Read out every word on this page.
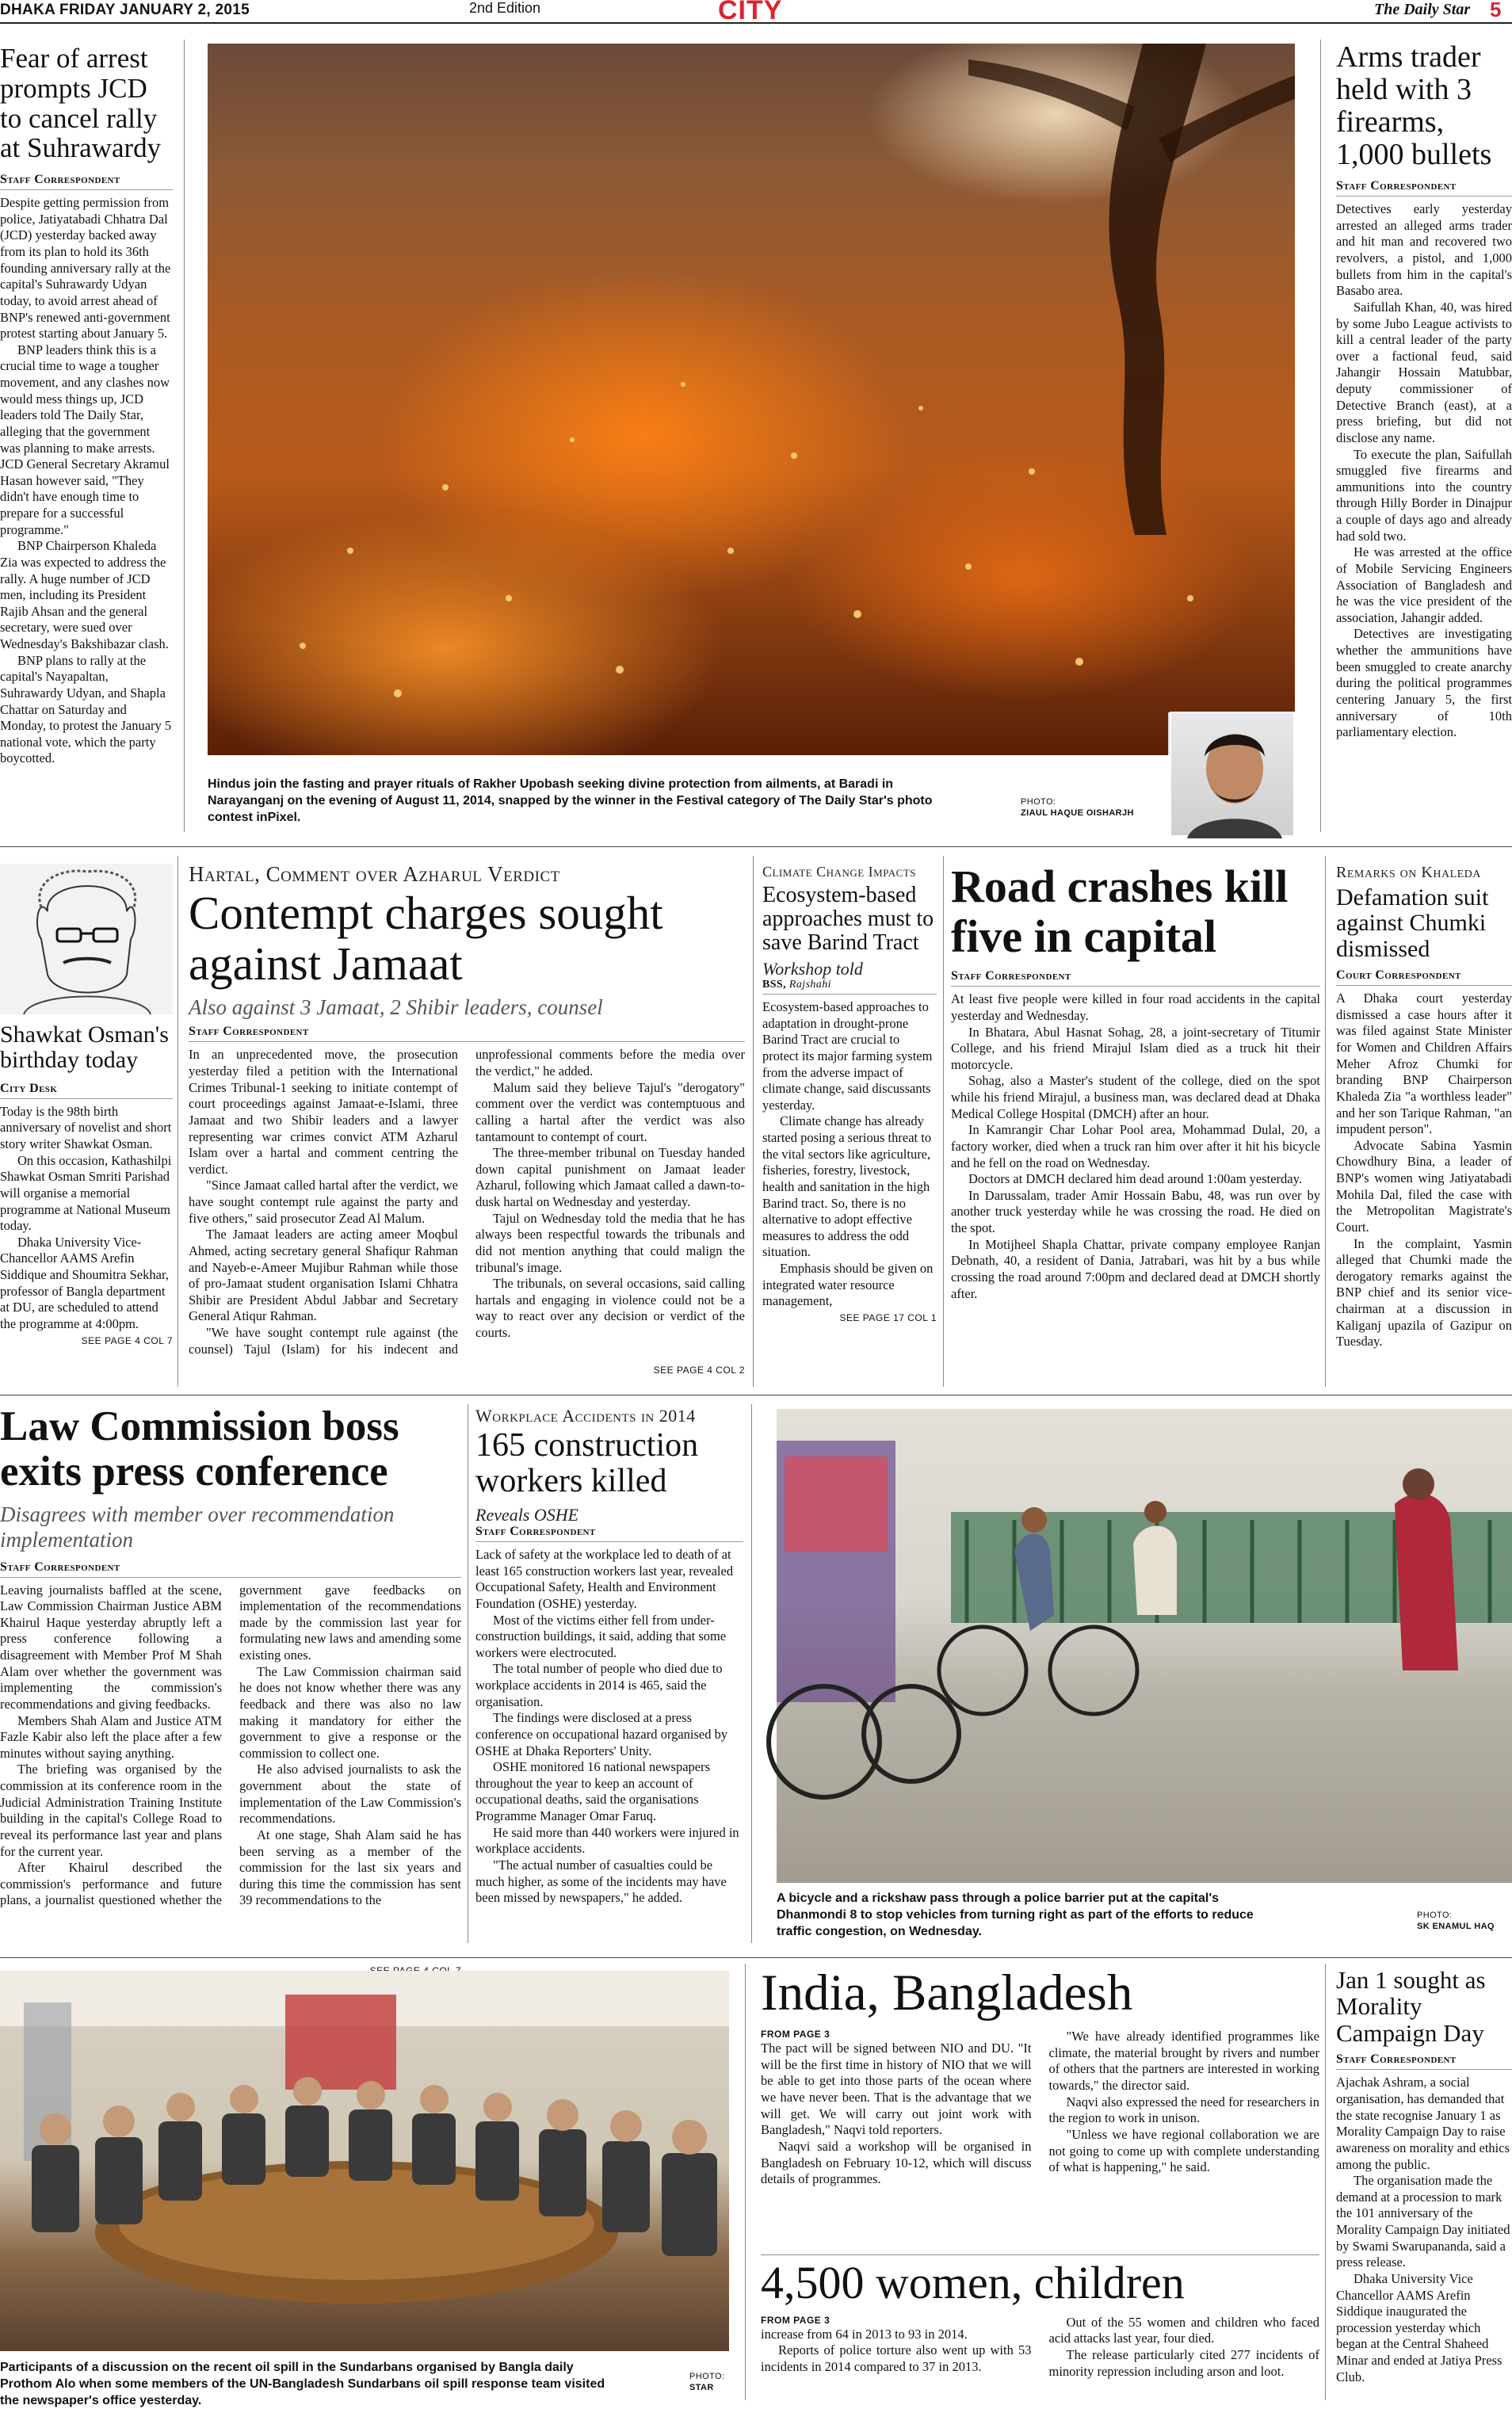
DHAKA FRIDAY JANUARY 2, 2015	2nd Edition	CITY	The Daily Star 5
Fear of arrest prompts JCD to cancel rally at Suhrawardy
Staff Correspondent

Despite getting permission from police, Jatiyatabadi Chhatra Dal (JCD) yesterday backed away from its plan to hold its 36th founding anniversary rally at the capital's Suhrawardy Udyan today, to avoid arrest ahead of BNP's renewed anti-government protest starting about January 5.

BNP leaders think this is a crucial time to wage a tougher movement, and any clashes now would mess things up, JCD leaders told The Daily Star, alleging that the government was planning to make arrests. JCD General Secretary Akramul Hasan however said, "They didn't have enough time to prepare for a successful programme."

BNP Chairperson Khaleda Zia was expected to address the rally. A huge number of JCD men, including its President Rajib Ahsan and the general secretary, were sued over Wednesday's Bakshibazar clash.

BNP plans to rally at the capital's Nayapaltan, Suhrawardy Udyan, and Shapla Chattar on Saturday and Monday, to protest the January 5 national vote, which the party boycotted.

Hindus join the fasting and prayer rituals of Rakher Upobash seeking divine protection from ailments, at Baradi in Narayanganj on the evening of August 11, 2014, snapped by the winner in the Festival category of The Daily Star's photo contest inPixel.
PHOTO:
ZIAUL HAQUE OISHARJH
Arms trader held with 3 firearms, 1,000 bullets
Staff Correspondent

Detectives early yesterday arrested an alleged arms trader and hit man and recovered two revolvers, a pistol, and 1,000 bullets from him in the capital's Basabo area.

Saifullah Khan, 40, was hired by some Jubo League activists to kill a central leader of the party over a factional feud, said Jahangir Hossain Matubbar, deputy commissioner of Detective Branch (east), at a press briefing, but did not disclose any name.

To execute the plan, Saifullah smuggled five firearms and ammunitions into the country through Hilly Border in Dinajpur a couple of days ago and already had sold two.

He was arrested at the office of Mobile Servicing Engineers Association of Bangladesh and he was the vice president of the association, Jahangir added.

Detectives are investigating whether the ammunitions have been smuggled to create anarchy during the political programmes centering January 5, the first anniversary of 10th parliamentary election.

Shawkat Osman's birthday today
City Desk

Today is the 98th birth anniversary of novelist and short story writer Shawkat Osman.

On this occasion, Kathashilpi Shawkat Osman Smriti Parishad will organise a memorial programme at National Museum today.

Dhaka University Vice-Chancellor AAMS Arefin Siddique and Shoumitra Sekhar, professor of Bangla department at DU, are scheduled to attend the programme at 4:00pm.

SEE PAGE 4 COL 7
Hartal, Comment over Azharul Verdict
Contempt charges sought against Jamaat
Also against 3 Jamaat, 2 Shibir leaders, counsel
Staff Correspondent

In an unprecedented move, the prosecution yesterday filed a petition with the International Crimes Tribunal-1 seeking to initiate contempt of court proceedings against Jamaat-e-Islami, three Jamaat and two Shibir leaders and a lawyer representing war crimes convict ATM Azharul Islam over a hartal and comment centring the verdict.

"Since Jamaat called hartal after the verdict, we have sought contempt rule against the party and five others," said prosecutor Zead Al Malum.

The Jamaat leaders are acting ameer Moqbul Ahmed, acting secretary general Shafiqur Rahman and Nayeb-e-Ameer Mujibur Rahman while those of pro-Jamaat student organisation Islami Chhatra Shibir are President Abdul Jabbar and Secretary General Atiqur Rahman.

"We have sought contempt rule against (the counsel) Tajul (Islam) for his indecent and unprofessional comments before the media over the verdict," he added.

Malum said they believe Tajul's "derogatory" comment over the verdict was contemptuous and calling a hartal after the verdict was also tantamount to contempt of court.

The three-member tribunal on Tuesday handed down capital punishment on Jamaat leader Azharul, following which Jamaat called a dawn-to-dusk hartal on Wednesday and yesterday.

Tajul on Wednesday told the media that he has always been respectful towards the tribunals and did not mention anything that could malign the tribunal's image.

The tribunals, on several occasions, said calling hartals and engaging in violence could not be a way to react over any decision or verdict of the courts.

SEE PAGE 4 COL 2
Climate Change Impacts
Ecosystem-based approaches must to save Barind Tract
Workshop told
BSS, Rajshahi

Ecosystem-based approaches to adaptation in drought-prone Barind Tract are crucial to protect its major farming system from the adverse impact of climate change, said discussants yesterday.

Climate change has already started posing a serious threat to the vital sectors like agriculture, fisheries, forestry, livestock, health and sanitation in the high Barind tract. So, there is no alternative to adopt effective measures to address the odd situation.

Emphasis should be given on integrated water resource management,

SEE PAGE 17 COL 1
Road crashes kill five in capital
Staff Correspondent

At least five people were killed in four road accidents in the capital yesterday and Wednesday.

In Bhatara, Abul Hasnat Sohag, 28, a joint-secretary of Titumir College, and his friend Mirajul Islam died as a truck hit their motorcycle.

Sohag, also a Master's student of the college, died on the spot while his friend Mirajul, a business man, was declared dead at Dhaka Medical College Hospital (DMCH) after an hour.

In Kamrangir Char Lohar Pool area, Mohammad Dulal, 20, a factory worker, died when a truck ran him over after it hit his bicycle and he fell on the road on Wednesday.

Doctors at DMCH declared him dead around 1:00am yesterday.

In Darussalam, trader Amir Hossain Babu, 48, was run over by another truck yesterday while he was crossing the road. He died on the spot.

In Motijheel Shapla Chattar, private company employee Ranjan Debnath, 40, a resident of Dania, Jatrabari, was hit by a bus while crossing the road around 7:00pm and declared dead at DMCH shortly after.

Remarks on Khaleda
Defamation suit against Chumki dismissed
Court Correspondent

A Dhaka court yesterday dismissed a case hours after it was filed against State Minister for Women and Children Affairs Meher Afroz Chumki for branding BNP Chairperson Khaleda Zia "a worthless leader" and her son Tarique Rahman, "an impudent person".

Advocate Sabina Yasmin Chowdhury Bina, a leader of BNP's women wing Jatiyatabadi Mohila Dal, filed the case with the Metropolitan Magistrate's Court.

In the complaint, Yasmin alleged that Chumki made the derogatory remarks against the BNP chief and its senior vice-chairman at a discussion in Kaliganj upazila of Gazipur on Tuesday.

Law Commission boss exits press conference
Disagrees with member over recommendation implementation
Staff Correspondent

Leaving journalists baffled at the scene, Law Commission Chairman Justice ABM Khairul Haque yesterday abruptly left a press conference following a disagreement with Member Prof M Shah Alam over whether the government was implementing the commission's recommendations and giving feedbacks.

Members Shah Alam and Justice ATM Fazle Kabir also left the place after a few minutes without saying anything.

The briefing was organised by the commission at its conference room in the Judicial Administration Training Institute building in the capital's College Road to reveal its performance last year and plans for the current year.

After Khairul described the commission's performance and future plans, a journalist questioned whether the government gave feedbacks on implementation of the recommendations made by the commission last year for formulating new laws and amending some existing ones.

The Law Commission chairman said he does not know whether there was any feedback and there was also no law making it mandatory for either the government to give a response or the commission to collect one.

He also advised journalists to ask the government about the state of implementation of the Law Commission's recommendations.

At one stage, Shah Alam said he has been serving as a member of the commission for the last six years and during this time the commission has sent 39 recommendations to the

Workplace Accidents in 2014
165 construction workers killed
Reveals OSHE
Staff Correspondent

Lack of safety at the workplace led to death of at least 165 construction workers last year, revealed Occupational Safety, Health and Environment Foundation (OSHE) yesterday.

Most of the victims either fell from under-construction buildings, it said, adding that some workers were electrocuted.

The total number of people who died due to workplace accidents in 2014 is 465, said the organisation.

The findings were disclosed at a press conference on occupational hazard organised by OSHE at Dhaka Reporters' Unity.

OSHE monitored 16 national newspapers throughout the year to keep an account of occupational deaths, said the organisations Programme Manager Omar Faruq.

He said more than 440 workers were injured in workplace accidents.

"The actual number of casualties could be much higher, as some of the incidents may have been missed by newspapers," he added.	A bicycle and a rickshaw pass through a police barrier put at the capital's Dhanmondi 8 to stop vehicles from turning right as part of the efforts to reduce traffic congestion, on Wednesday.
PHOTO:
SK ENAMUL HAQ
Participants of a discussion on the recent oil spill in the Sundarbans organised by Bangla daily Prothom Alo when some members of the UN-Bangladesh Sundarbans oil spill response team visited the newspaper's office yesterday.
PHOTO:
STAR
India, Bangladesh
FROM PAGE 3

The pact will be signed between NIO and DU. "It will be the first time in history of NIO that we will be able to get into those parts of the ocean where we have never been. That is the advantage that we will get. We will carry out joint work with Bangladesh," Naqvi told reporters.

Naqvi said a workshop will be organised in Bangladesh on February 10-12, which will discuss details of programmes.

"We have already identified programmes like climate, the material brought by rivers and number of others that the partners are interested in working towards," the director said.

Naqvi also expressed the need for researchers in the region to work in unison.

"Unless we have regional collaboration we are not going to come up with complete understanding of what is happening," he said.

4,500 women, children
FROM PAGE 3

increase from 64 in 2013 to 93 in 2014.

Reports of police torture also went up with 53 incidents in 2014 compared to 37 in 2013.

Out of the 55 women and children who faced acid attacks last year, four died.

The release particularly cited 277 incidents of minority repression including arson and loot.

Jan 1 sought as Morality Campaign Day
Staff Correspondent

Ajachak Ashram, a social organisation, has demanded that the state recognise January 1 as Morality Campaign Day to raise awareness on morality and ethics among the public.

The organisation made the demand at a procession to mark the 101 anniversary of the Morality Campaign Day initiated by Swami Swarupananda, said a press release.

Dhaka University Vice Chancellor AAMS Arefin Siddique inaugurated the procession yesterday which began at the Central Shaheed Minar and ended at Jatiya Press Club.
